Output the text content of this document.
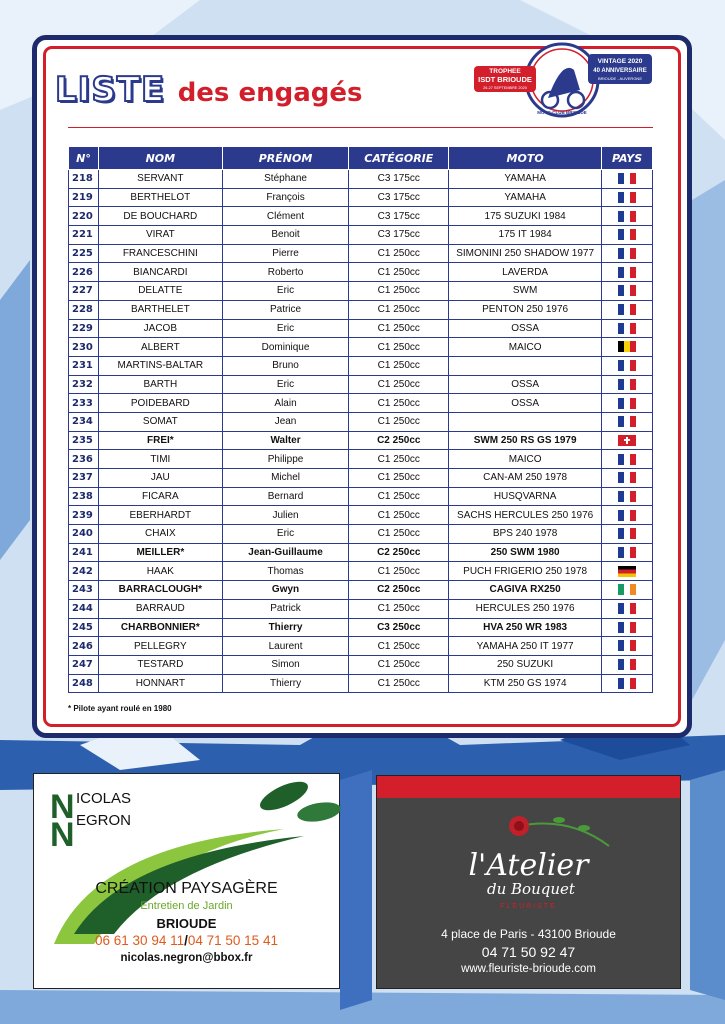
LISTE des engagés
TROPHEE
ISDT BRIOUDE
26-27 SEPTEMBRE 2020
VINTAGE 2020
40 ANNIVERSAIRE
BRIOUDE - AUVERGNE
MOTO-CLUB BRIOUDE
N°	NOM	PRÉNOM	CATÉGORIE	MOTO	PAYS
218	SERVANT	Stéphane	C3 175cc	YAMAHA	
219	BERTHELOT	François	C3 175cc	YAMAHA	
220	DE BOUCHARD	Clément	C3 175cc	175 SUZUKI 1984	
221	VIRAT	Benoit	C3 175cc	175 IT 1984	
225	FRANCESCHINI	Pierre	C1 250cc	SIMONINI 250 SHADOW 1977	
226	BIANCARDI	Roberto	C1 250cc	LAVERDA	
227	DELATTE	Eric	C1 250cc	SWM	
228	BARTHELET	Patrice	C1 250cc	PENTON 250 1976	
229	JACOB	Eric	C1 250cc	OSSA	
230	ALBERT	Dominique	C1 250cc	MAICO	
231	MARTINS-BALTAR	Bruno	C1 250cc		
232	BARTH	Eric	C1 250cc	OSSA	
233	POIDEBARD	Alain	C1 250cc	OSSA	
234	SOMAT	Jean	C1 250cc		
235	FREI*	Walter	C2 250cc	SWM 250 RS GS 1979	
236	TIMI	Philippe	C1 250cc	MAICO	
237	JAU	Michel	C1 250cc	CAN-AM 250 1978	
238	FICARA	Bernard	C1 250cc	HUSQVARNA	
239	EBERHARDT	Julien	C1 250cc	SACHS HERCULES 250 1976	
240	CHAIX	Eric	C1 250cc	BPS 240 1978	
241	MEILLER*	Jean-Guillaume	C2 250cc	250 SWM 1980	
242	HAAK	Thomas	C1 250cc	PUCH FRIGERIO 250 1978	
243	BARRACLOUGH*	Gwyn	C2 250cc	CAGIVA RX250	
244	BARRAUD	Patrick	C1 250cc	HERCULES 250 1976	
245	CHARBONNIER*	Thierry	C3 250cc	HVA 250 WR 1983	
246	PELLEGRY	Laurent	C1 250cc	YAMAHA 250 IT 1977	
247	TESTARD	Simon	C1 250cc	250 SUZUKI	
248	HONNART	Thierry	C1 250cc	KTM 250 GS 1974	
* Pilote ayant roulé en 1980
N ICOLAS
N EGRON
CRÉATION PAYSAGÈRE
Entretien de Jardin
BRIOUDE
06 61 30 94 11/04 71 50 15 41
nicolas.negron@bbox.fr
l'Atelier
du Bouquet
FLEURISTE
4 place de Paris - 43100 Brioude
04 71 50 92 47
www.fleuriste-brioude.com
